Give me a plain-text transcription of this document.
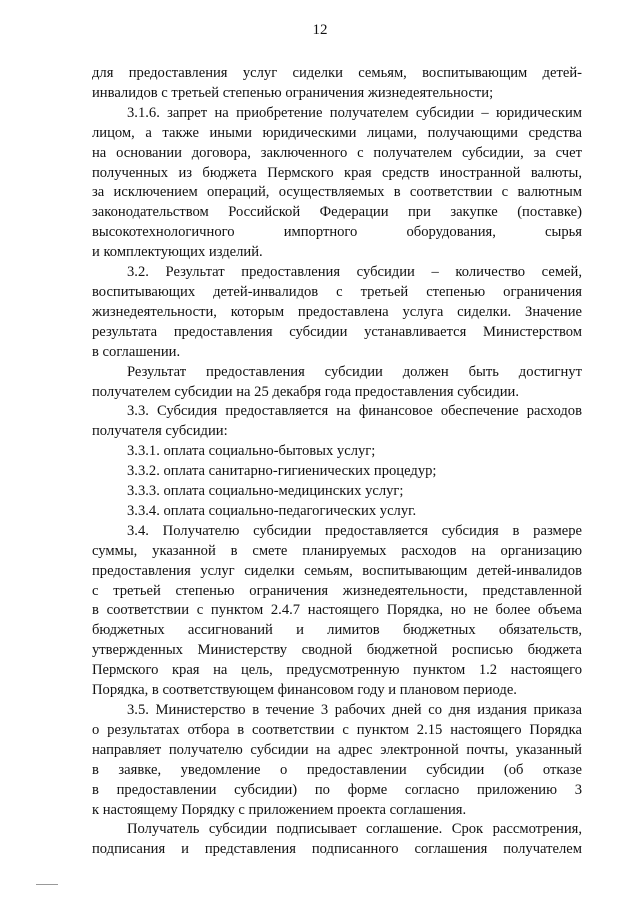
12

для предоставления услуг сиделки семьям, воспитывающим детей-
инвалидов с третьей степенью ограничения жизнедеятельности;

3.1.6. запрет на приобретение получателем субсидии – юридическим
лицом, а также иными юридическими лицами, получающими средства
на основании договора, заключенного с получателем субсидии, за счет
полученных из бюджета Пермского края средств иностранной валюты,
за исключением операций, осуществляемых в соответствии с валютным
законодательством Российской Федерации при закупке (поставке)
высокотехнологичного импортного оборудования, сырья
и комплектующих изделий.

3.2. Результат предоставления субсидии – количество семей,
воспитывающих детей-инвалидов с третьей степенью ограничения
жизнедеятельности, которым предоставлена услуга сиделки. Значение
результата предоставления субсидии устанавливается Министерством
в соглашении.

Результат предоставления субсидии должен быть достигнут
получателем субсидии на 25 декабря года предоставления субсидии.

3.3. Субсидия предоставляется на финансовое обеспечение расходов
получателя субсидии:

3.3.1. оплата социально-бытовых услуг;

3.3.2. оплата санитарно-гигиенических процедур;

3.3.3. оплата социально-медицинских услуг;

3.3.4. оплата социально-педагогических услуг.

3.4. Получателю субсидии предоставляется субсидия в размере
суммы, указанной в смете планируемых расходов на организацию
предоставления услуг сиделки семьям, воспитывающим детей-инвалидов
с третьей степенью ограничения жизнедеятельности, представленной
в соответствии с пунктом 2.4.7 настоящего Порядка, но не более объема
бюджетных ассигнований и лимитов бюджетных обязательств,
утвержденных Министерству сводной бюджетной росписью бюджета
Пермского края на цель, предусмотренную пунктом 1.2 настоящего
Порядка, в соответствующем финансовом году и плановом периоде.

3.5. Министерство в течение 3 рабочих дней со дня издания приказа
о результатах отбора в соответствии с пунктом 2.15 настоящего Порядка
направляет получателю субсидии на адрес электронной почты, указанный
в заявке, уведомление о предоставлении субсидии (об отказе
в предоставлении субсидии) по форме согласно приложению 3
к настоящему Порядку с приложением проекта соглашения.

Получатель субсидии подписывает соглашение. Срок рассмотрения,
подписания и представления подписанного соглашения получателем
